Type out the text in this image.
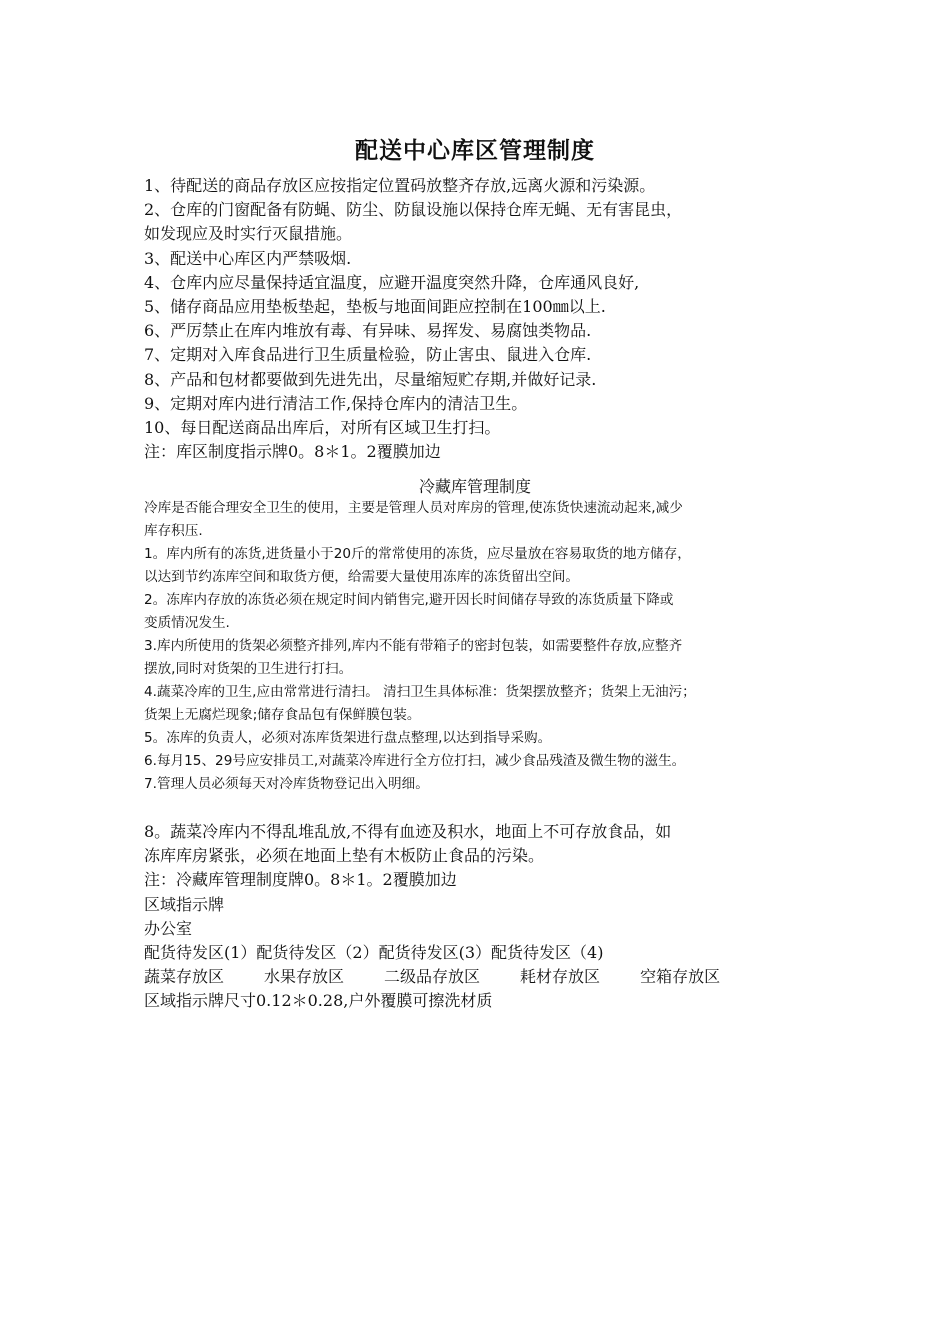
配送中心库区管理制度

1、待配送的商品存放区应按指定位置码放整齐存放,远离火源和污染源。

2、仓库的门窗配备有防蝇、防尘、防鼠设施以保持仓库无蝇、无有害昆虫，

如发现应及时实行灭鼠措施。

3、配送中心库区内严禁吸烟.

4、仓库内应尽量保持适宜温度，应避开温度突然升降，仓库通风良好,

5、储存商品应用垫板垫起，垫板与地面间距应控制在100㎜以上.

6、严厉禁止在库内堆放有毒、有异味、易挥发、易腐蚀类物品.

7、定期对入库食品进行卫生质量检验，防止害虫、鼠进入仓库.

8、产品和包材都要做到先进先出，尽量缩短贮存期,并做好记录.

9、定期对库内进行清洁工作,保持仓库内的清洁卫生。

10、每日配送商品出库后，对所有区域卫生打扫。

注：库区制度指示牌0。8＊1。2覆膜加边

冷藏库管理制度

冷库是否能合理安全卫生的使用，主要是管理人员对库房的管理,使冻货快速流动起来,减少

库存积压.

1。库内所有的冻货,进货量小于20斤的常常使用的冻货，应尽量放在容易取货的地方储存，

以达到节约冻库空间和取货方便，给需要大量使用冻库的冻货留出空间。

2。冻库内存放的冻货必须在规定时间内销售完,避开因长时间储存导致的冻货质量下降或

变质情况发生.

3.库内所使用的货架必须整齐排列,库内不能有带箱子的密封包装，如需要整件存放,应整齐

摆放,同时对货架的卫生进行打扫。

4.蔬菜冷库的卫生,应由常常进行清扫。 清扫卫生具体标准：货架摆放整齐；货架上无油污；

货架上无腐烂现象;储存食品包有保鲜膜包装。

5。冻库的负责人，必须对冻库货架进行盘点整理,以达到指导采购。

6.每月15、29号应安排员工,对蔬菜冷库进行全方位打扫，减少食品残渣及微生物的滋生。

7.管理人员必须每天对冷库货物登记出入明细。

8。蔬菜冷库内不得乱堆乱放,不得有血迹及积水，地面上不可存放食品，如

冻库库房紧张，必须在地面上垫有木板防止食品的污染。

注：冷藏库管理制度牌0。8＊1。2覆膜加边

区域指示牌

办公室

配货待发区(1）配货待发区（2）配货待发区(3）配货待发区（4)

蔬菜存放区	水果存放区	二级品存放区	耗材存放区	空箱存放区

区域指示牌尺寸0.12＊0.28,户外覆膜可擦洗材质
